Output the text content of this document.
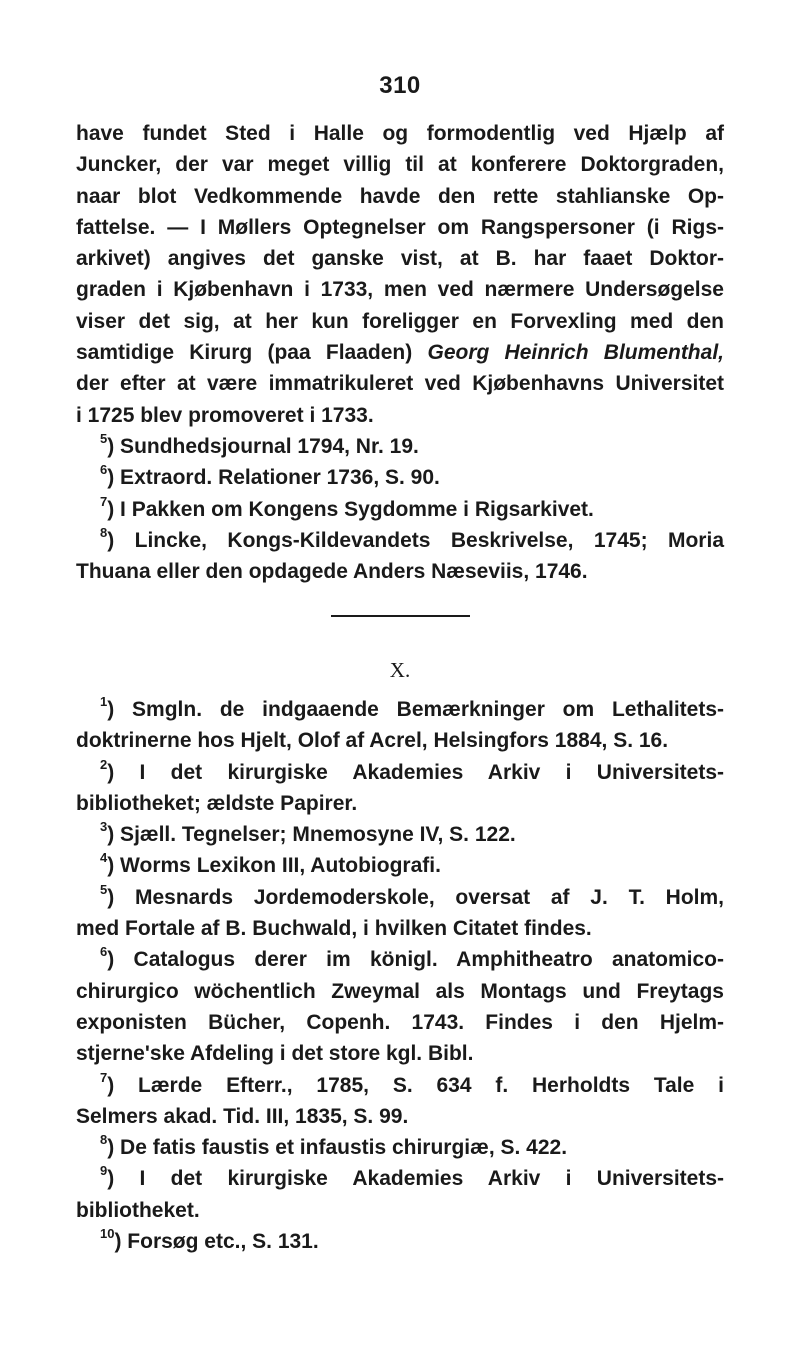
310

have fundet Sted i Halle og formodentlig ved Hjælp af

Juncker, der var meget villig til at konferere Doktorgraden,

naar blot Vedkommende havde den rette stahlianske Op-

fattelse. — I Møllers Optegnelser om Rangspersoner (i Rigs-

arkivet) angives det ganske vist, at B. har faaet Doktor-

graden i Kjøbenhavn i 1733, men ved nærmere Undersøgelse

viser det sig, at her kun foreligger en Forvexling med den

samtidige Kirurg (paa Flaaden) Georg Heinrich Blumenthal,

der efter at være immatrikuleret ved Kjøbenhavns Universitet

i 1725 blev promoveret i 1733.

$^5$) Sundhedsjournal 1794, Nr. 19.

$^6$) Extraord. Relationer 1736, S. 90.

$^7$) I Pakken om Kongens Sygdomme i Rigsarkivet.

$^8$) Lincke, Kongs-Kildevandets Beskrivelse, 1745; Moria

Thuana eller den opdagede Anders Næseviis, 1746.

X.

$^1$) Smgln. de indgaaende Bemærkninger om Lethalitets-

doktrinerne hos Hjelt, Olof af Acrel, Helsingfors 1884, S. 16.

$^2$) I det kirurgiske Akademies Arkiv i Universitets-

bibliotheket; ældste Papirer.

$^3$) Sjæll. Tegnelser; Mnemosyne IV, S. 122.

$^4$) Worms Lexikon III, Autobiografi.

$^5$) Mesnards Jordemoderskole, oversat af J. T. Holm,

med Fortale af B. Buchwald, i hvilken Citatet findes.

$^6$) Catalogus derer im königl. Amphitheatro anatomico-

chirurgico wöchentlich Zweymal als Montags und Freytags

exponisten Bücher, Copenh. 1743. Findes i den Hjelm-

stjerne'ske Afdeling i det store kgl. Bibl.

$^7$) Lærde Efterr., 1785, S. 634 f. Herholdts Tale i

Selmers akad. Tid. III, 1835, S. 99.

$^8$) De fatis faustis et infaustis chirurgiæ, S. 422.

$^9$) I det kirurgiske Akademies Arkiv i Universitets-

bibliotheket.

$^{10}$) Forsøg etc., S. 131.
